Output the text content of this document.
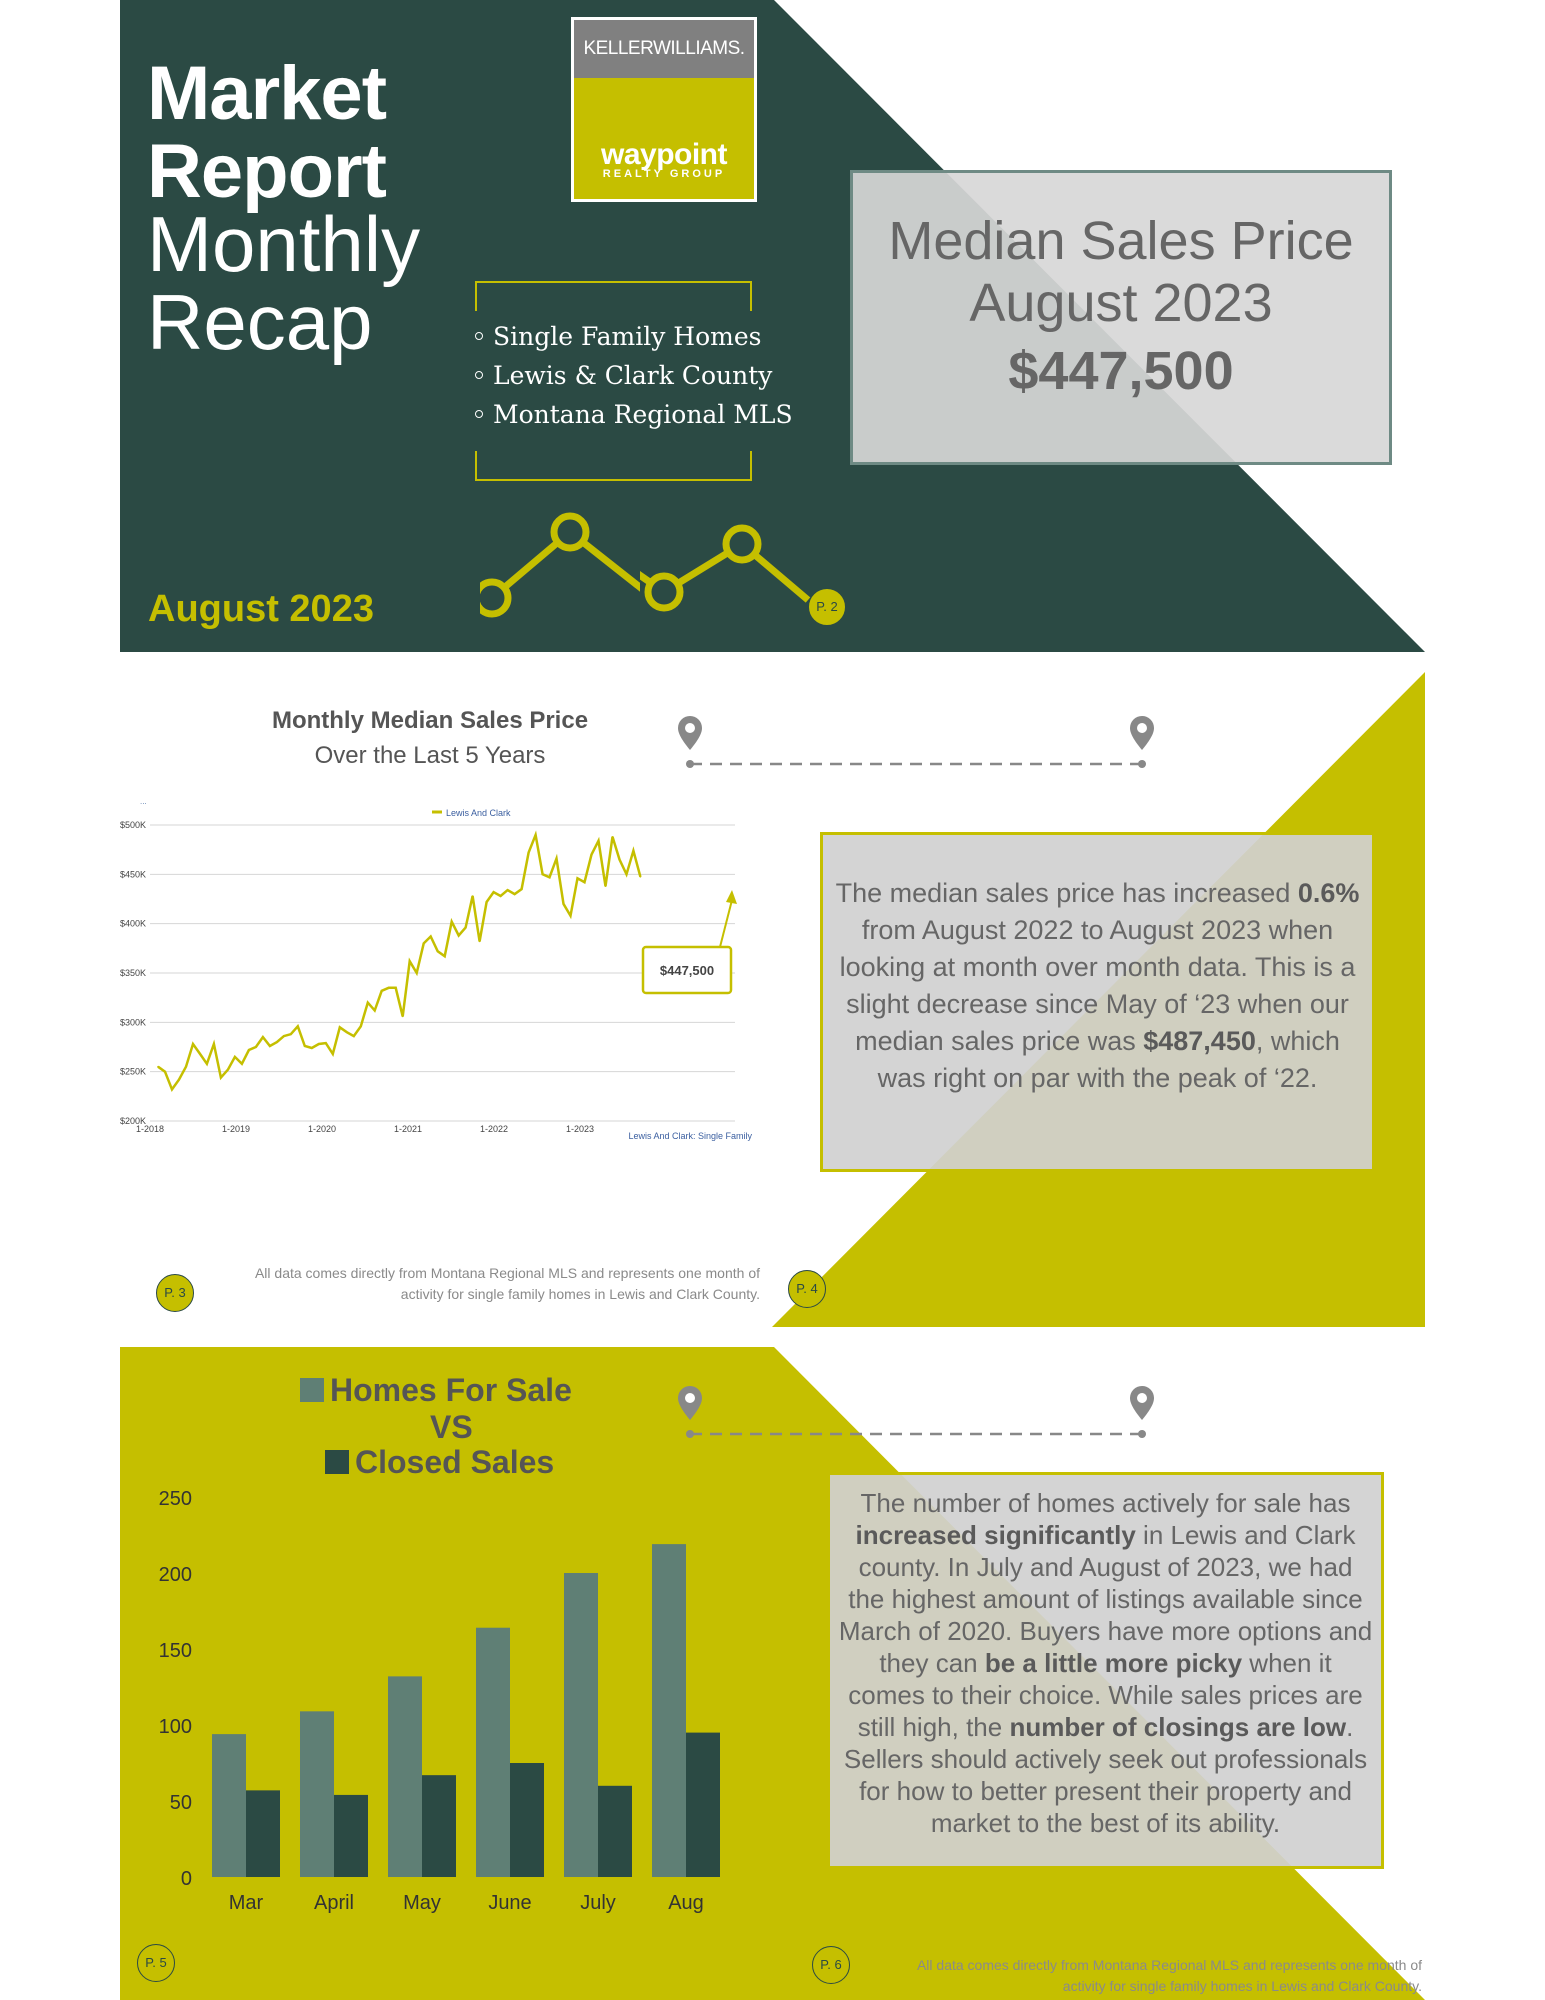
Market
Report
Monthly
Recap
KELLERWILLIAMS.
waypoint
REALTY GROUP
Single Family Homes
Lewis & Clark County
Montana Regional MLS
Median Sales Price
August 2023
$447,500
August 2023	P. 2
Monthly Median Sales Price
Over the Last 5 Years
...
$200K
$250K
$300K
$350K
$400K
$450K
$500K
1-2018	1-2019	1-2020	1-2021	1-2022	1-2023
Lewis And Clark
$447,500
Lewis And Clark: Single Family
The median sales price has increased 0.6% from August 2022 to August 2023 when looking at month over month data. This is a slight decrease since May of ‘23 when our median sales price was $487,450, which was right on par with the peak of ‘22.
All data comes directly from Montana Regional MLS and represents one month of activity for single family homes in Lewis and Clark County.
P. 3	P. 4
Homes For Sale
VS
Closed Sales
0
50
100
150
200
250
Mar	April May June July	Aug
The number of homes actively for sale has increased significantly in Lewis and Clark county. In July and August of 2023, we had the highest amount of listings available since March of 2020. Buyers have more options and they can be a little more picky when it comes to their choice. While sales prices are still high, the number of closings are low. Sellers should actively seek out professionals for how to better present their property and market to the best of its ability.
P. 5	P. 6	All data comes directly from Montana Regional MLS and represents one month of activity for single family homes in Lewis and Clark County.
